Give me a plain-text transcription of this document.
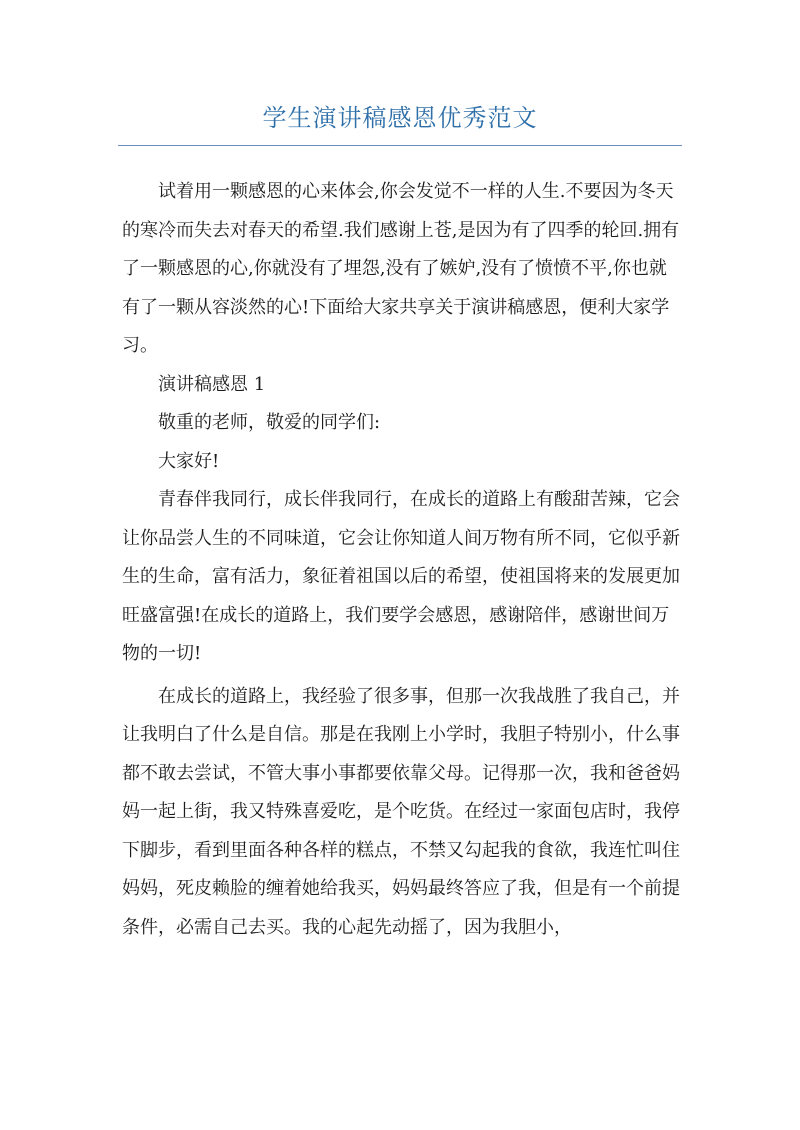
学生演讲稿感恩优秀范文

试着用一颗感恩的心来体会,你会发觉不一样的人生.不要因为冬天的寒冷而失去对春天的希望.我们感谢上苍,是因为有了四季的轮回.拥有了一颗感恩的心,你就没有了埋怨,没有了嫉妒,没有了愤愤不平,你也就有了一颗从容淡然的心!下面给大家共享关于演讲稿感恩，便利大家学习。

演讲稿感恩 1

敬重的老师，敬爱的同学们:

大家好!

青春伴我同行，成长伴我同行，在成长的道路上有酸甜苦辣，它会让你品尝人生的不同味道，它会让你知道人间万物有所不同，它似乎新生的生命，富有活力，象征着祖国以后的希望，使祖国将来的发展更加旺盛富强!在成长的道路上，我们要学会感恩，感谢陪伴，感谢世间万物的一切!

在成长的道路上，我经验了很多事，但那一次我战胜了我自己，并让我明白了什么是自信。那是在我刚上小学时，我胆子特别小，什么事都不敢去尝试，不管大事小事都要依靠父母。记得那一次，我和爸爸妈妈一起上街，我又特殊喜爱吃，是个吃货。在经过一家面包店时，我停下脚步，看到里面各种各样的糕点，不禁又勾起我的食欲，我连忙叫住妈妈，死皮赖脸的缠着她给我买，妈妈最终答应了我，但是有一个前提条件，必需自己去买。我的心起先动摇了，因为我胆小，
